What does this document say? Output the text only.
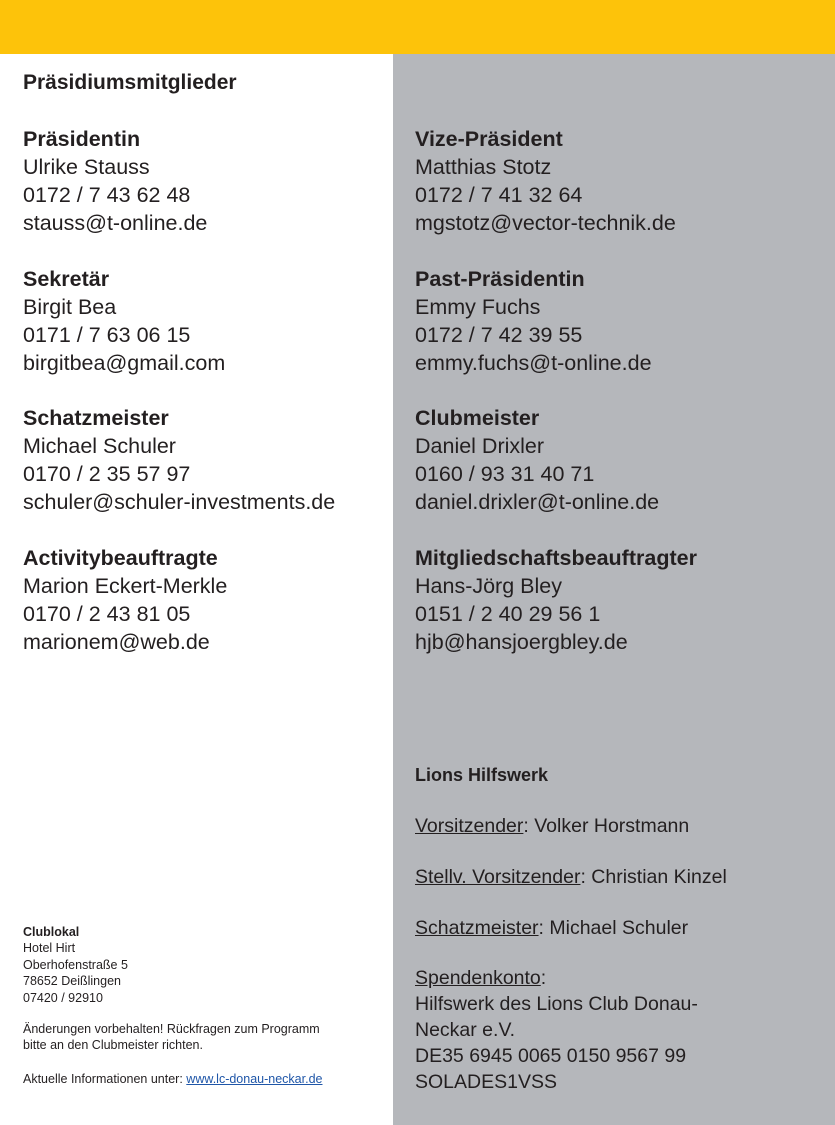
Präsidiumsmitglieder
Präsidentin
Ulrike Stauss
0172 / 7 43 62 48
stauss@t-online.de
Sekretär
Birgit Bea
0171 / 7 63 06 15
birgitbea@gmail.com
Schatzmeister
Michael Schuler
0170 / 2 35 57 97
schuler@schuler-investments.de
Activitybeauftragte
Marion Eckert-Merkle
0170 / 2 43 81 05
marionem@web.de
Vize-Präsident
Matthias Stotz
0172 / 7 41 32 64
mgstotz@vector-technik.de
Past-Präsidentin
Emmy Fuchs
0172 / 7 42 39 55
emmy.fuchs@t-online.de
Clubmeister
Daniel Drixler
0160 / 93 31 40 71
daniel.drixler@t-online.de
Mitgliedschaftsbeauftragter
Hans-Jörg Bley
0151 / 2 40 29 56 1
hjb@hansjoergbley.de
Lions Hilfswerk
Vorsitzender: Volker Horstmann
Stellv. Vorsitzender: Christian Kinzel
Schatzmeister: Michael Schuler
Spendenkonto:
Hilfswerk des Lions Club Donau-
Neckar e.V.
DE35 6945 0065 0150 9567 99
SOLADES1VSS
Clublokal
Hotel Hirt
Oberhofenstraße 5
78652 Deißlingen
07420 / 92910
Änderungen vorbehalten! Rückfragen zum Programm
bitte an den Clubmeister richten.
Aktuelle Informationen unter: www.lc-donau-neckar.de
